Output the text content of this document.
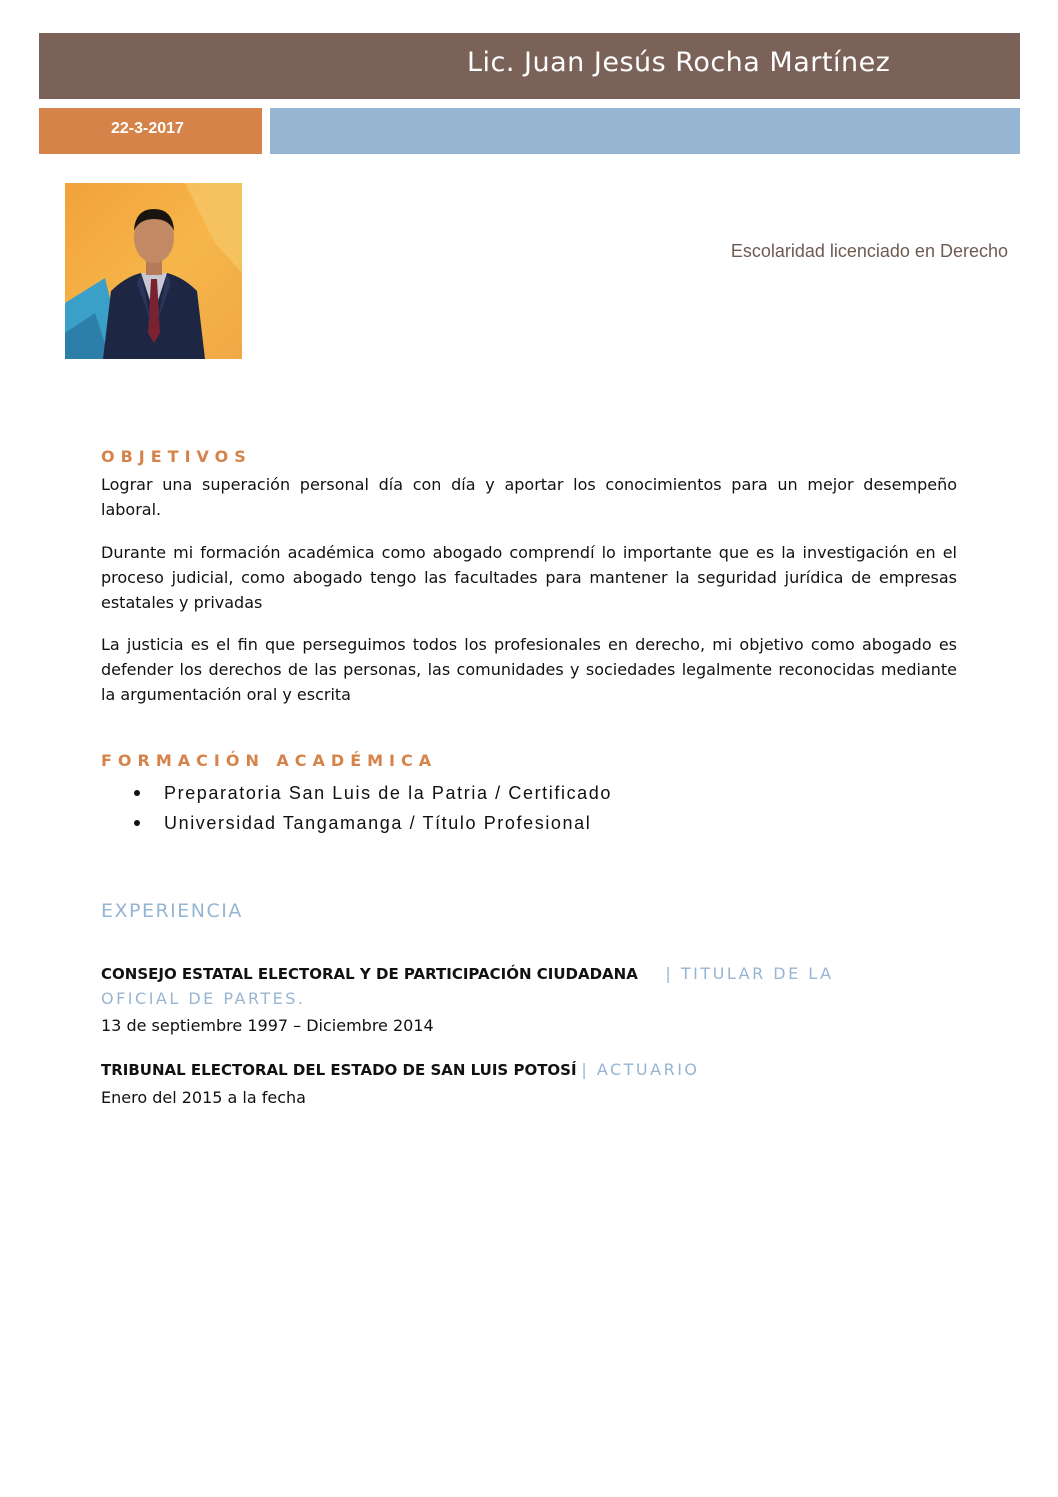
Lic. Juan Jesús Rocha Martínez
22-3-2017
Escolaridad licenciado en Derecho
OBJETIVOS

Lograr una superación personal día con día y aportar los conocimientos para un mejor desempeño laboral.

Durante mi formación académica como abogado comprendí lo importante que es la investigación en el proceso judicial, como abogado tengo las facultades para mantener la seguridad jurídica de empresas estatales y privadas

La justicia es el fin que perseguimos todos los profesionales en derecho, mi objetivo como abogado es defender los derechos de las personas, las comunidades y sociedades legalmente reconocidas mediante la argumentación oral y escrita

FORMACIÓN ACADÉMICA
Preparatoria San Luis de la Patria / Certificado
Universidad Tangamanga / Título Profesional
EXPERIENCIA
CONSEJO ESTATAL ELECTORAL Y DE PARTICIPACIÓN CIUDADANA | TITULAR DE LA
OFICIAL DE PARTES.
13 de septiembre 1997 – Diciembre 2014
TRIBUNAL ELECTORAL DEL ESTADO DE SAN LUIS POTOSÍ | ACTUARIO
Enero del 2015 a la fecha
